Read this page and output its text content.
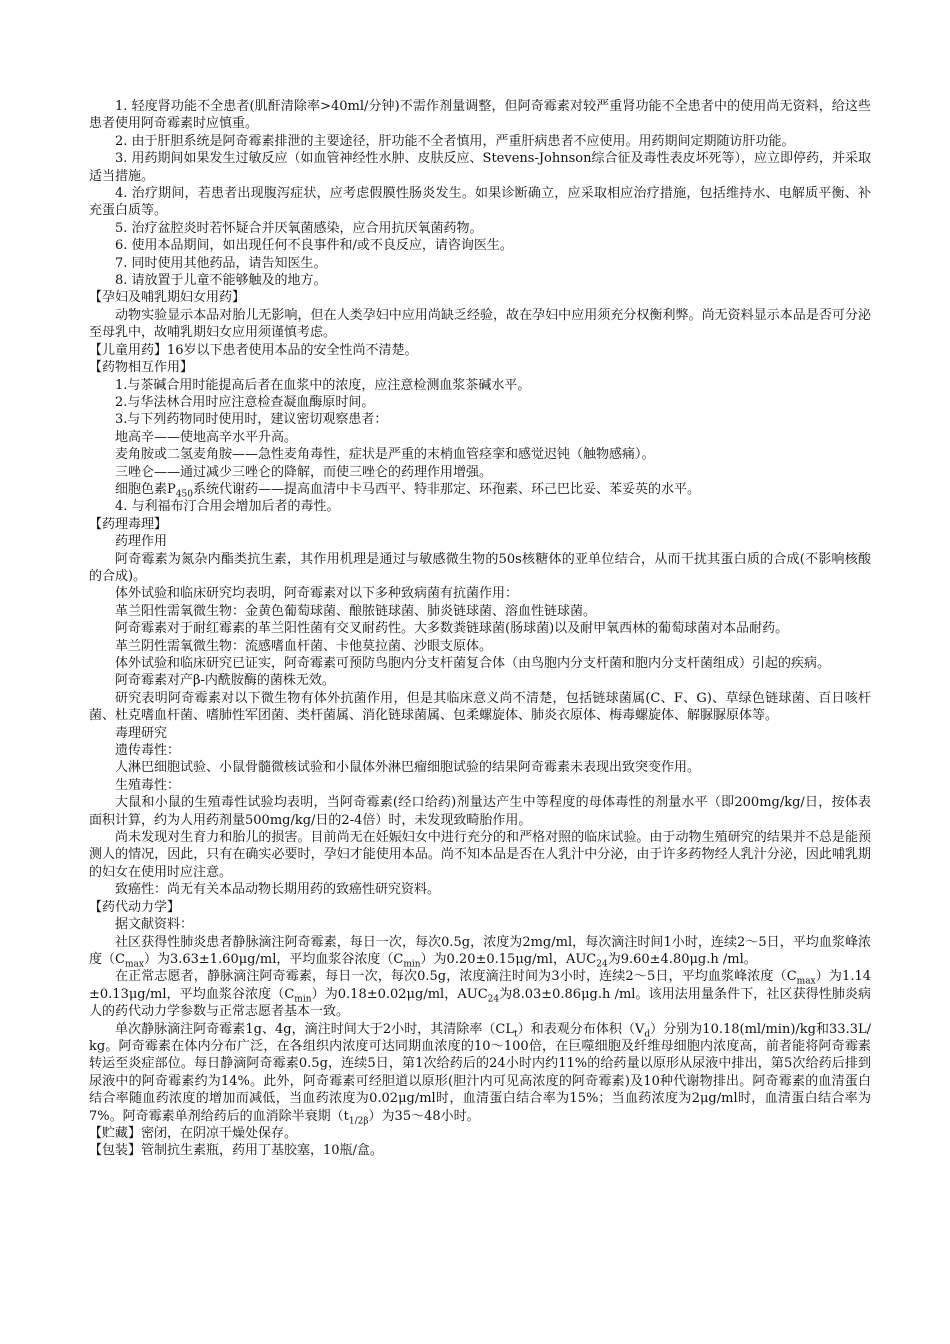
1. 轻度肾功能不全患者(肌酐清除率>40ml/分钟)不需作剂量调整，但阿奇霉素对较严重肾功能不全患者中的使用尚无资料，给这些患者使用阿奇霉素时应慎重。
2. 由于肝胆系统是阿奇霉素排泄的主要途径，肝功能不全者慎用，严重肝病患者不应使用。用药期间定期随访肝功能。
3. 用药期间如果发生过敏反应（如血管神经性水肿、皮肤反应、Stevens-Johnson综合征及毒性表皮坏死等），应立即停药，并采取适当措施。
4. 治疗期间，若患者出现腹泻症状，应考虑假膜性肠炎发生。如果诊断确立，应采取相应治疗措施，包括维持水、电解质平衡、补充蛋白质等。
5. 治疗盆腔炎时若怀疑合并厌氧菌感染，应合用抗厌氧菌药物。
6. 使用本品期间，如出现任何不良事件和/或不良反应，请咨询医生。
7. 同时使用其他药品，请告知医生。
8. 请放置于儿童不能够触及的地方。
【孕妇及哺乳期妇女用药】
动物实验显示本品对胎儿无影响，但在人类孕妇中应用尚缺乏经验，故在孕妇中应用须充分权衡利弊。尚无资料显示本品是否可分泌至母乳中，故哺乳期妇女应用须谨慎考虑。
【儿童用药】16岁以下患者使用本品的安全性尚不清楚。
【药物相互作用】
1.与茶碱合用时能提高后者在血浆中的浓度，应注意检测血浆茶碱水平。
2.与华法林合用时应注意检查凝血酶原时间。
3.与下列药物同时使用时，建议密切观察患者：
地高辛——使地高辛水平升高。
麦角胺或二氢麦角胺——急性麦角毒性，症状是严重的末梢血管痉挛和感觉迟钝（触物感痛）。
三唑仑——通过减少三唑仑的降解，而使三唑仑的药理作用增强。
细胞色素$P_{450}$系统代谢药——提高血清中卡马西平、特非那定、环孢素、环己巴比妥、苯妥英的水平。
4. 与利福布汀合用会增加后者的毒性。
【药理毒理】
药理作用
阿奇霉素为氮杂内酯类抗生素，其作用机理是通过与敏感微生物的50s核糖体的亚单位结合，从而干扰其蛋白质的合成(不影响核酸的合成)。
体外试验和临床研究均表明，阿奇霉素对以下多种致病菌有抗菌作用：
革兰阳性需氧微生物：金黄色葡萄球菌、酿脓链球菌、肺炎链球菌、溶血性链球菌。
阿奇霉素对于耐红霉素的革兰阳性菌有交叉耐药性。大多数粪链球菌(肠球菌)以及耐甲氧西林的葡萄球菌对本品耐药。
革兰阴性需氧微生物：流感嗜血杆菌、卡他莫拉菌、沙眼支原体。
体外试验和临床研究已证实，阿奇霉素可预防鸟胞内分支杆菌复合体（由鸟胞内分支杆菌和胞内分支杆菌组成）引起的疾病。
阿奇霉素对产β-内酰胺酶的菌株无效。
研究表明阿奇霉素对以下微生物有体外抗菌作用，但是其临床意义尚不清楚，包括链球菌属(C、F、G)、草绿色链球菌、百日咳杆菌、杜克嗜血杆菌、嗜肺性军团菌、类杆菌属、消化链球菌属、包柔螺旋体、肺炎衣原体、梅毒螺旋体、解脲脲原体等。
毒理研究
遗传毒性：
人淋巴细胞试验、小鼠骨髓微核试验和小鼠体外淋巴瘤细胞试验的结果阿奇霉素未表现出致突变作用。
生殖毒性：
大鼠和小鼠的生殖毒性试验均表明，当阿奇霉素(经口给药)剂量达产生中等程度的母体毒性的剂量水平（即200mg/kg/日，按体表面积计算，约为人用药剂量500mg/kg/日的2-4倍）时，未发现致畸胎作用。
尚未发现对生育力和胎儿的损害。目前尚无在妊娠妇女中进行充分的和严格对照的临床试验。由于动物生殖研究的结果并不总是能预测人的情况，因此，只有在确实必要时，孕妇才能使用本品。尚不知本品是否在人乳汁中分泌，由于许多药物经人乳汁分泌，因此哺乳期的妇女在使用时应注意。
致癌性：尚无有关本品动物长期用药的致癌性研究资料。
【药代动力学】
据文献资料：
社区获得性肺炎患者静脉滴注阿奇霉素，每日一次，每次0.5g，浓度为2mg/ml，每次滴注时间1小时，连续2～5日，平均血浆峰浓度$(C_{max})$为3.63±1.60μg/ml，平均血浆谷浓度$(C_{min})$为0.20±0.15μg/ml，$AUC_{24}$为9.60±4.80μg.h /ml。
在正常志愿者，静脉滴注阿奇霉素，每日一次，每次0.5g，浓度滴注时间为3小时，连续2～5日，平均血浆峰浓度$(C_{max})$为1.14±0.13μg/ml，平均血浆谷浓度$(C_{min})$为0.18±0.02μg/ml，$AUC_{24}$为8.03±0.86μg.h /ml。该用法用量条件下，社区获得性肺炎病人的药代动力学参数与正常志愿者基本一致。
单次静脉滴注阿奇霉素1g、4g，滴注时间大于2小时，其清除率$(CL_t)$和表观分布体积$(V_d)$分别为10.18(ml/min)/kg和33.3L/kg。阿奇霉素在体内分布广泛，在各组织内浓度可达同期血浓度的10～100倍，在巨噬细胞及纤维母细胞内浓度高，前者能将阿奇霉素转运至炎症部位。每日静滴阿奇霉素0.5g，连续5日，第1次给药后的24小时内约11%的给药量以原形从尿液中排出，第5次给药后排到尿液中的阿奇霉素约为14%。此外，阿奇霉素可经胆道以原形(胆汁内可见高浓度的阿奇霉素)及10种代谢物排出。阿奇霉素的血清蛋白结合率随血药浓度的增加而减低，当血药浓度为0.02μg/ml时，血清蛋白结合率为15%；当血药浓度为2μg/ml时，血清蛋白结合率为7%。阿奇霉素单剂给药后的血消除半衰期$(t_{1/2\beta})$为35～48小时。
【贮藏】密闭，在阴凉干燥处保存。
【包装】管制抗生素瓶，药用丁基胶塞，10瓶/盒。
